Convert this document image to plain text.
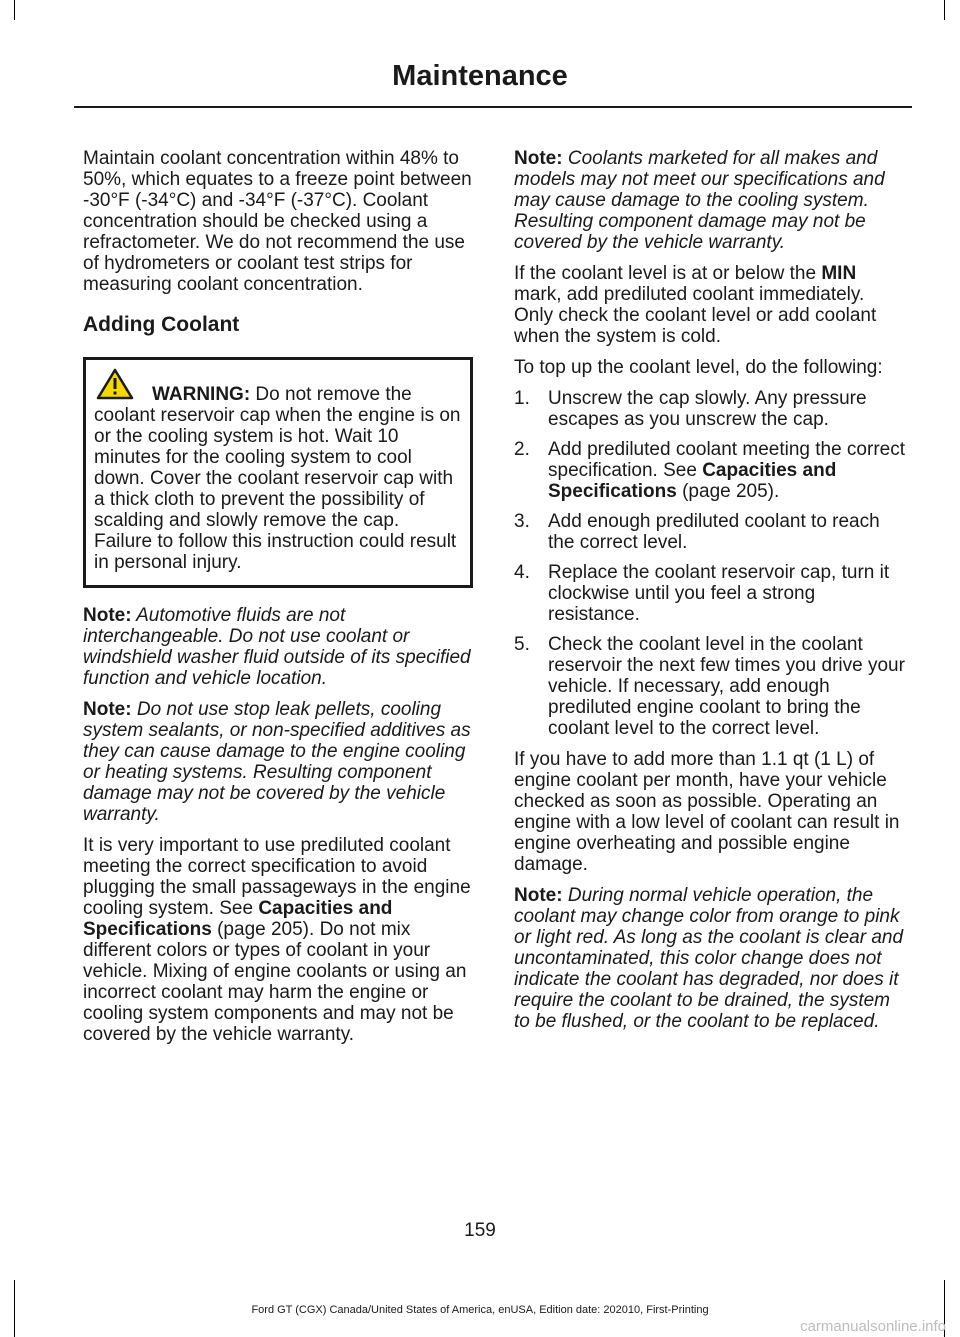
Maintenance

Maintain coolant concentration within 48% to 50%, which equates to a freeze point between -30°F (-34°C) and -34°F (-37°C). Coolant concentration should be checked using a refractometer. We do not recommend the use of hydrometers or coolant test strips for measuring coolant concentration.

Adding Coolant
WARNING: Do not remove the coolant reservoir cap when the engine is on or the cooling system is hot. Wait 10 minutes for the cooling system to cool down. Cover the coolant reservoir cap with a thick cloth to prevent the possibility of scalding and slowly remove the cap. Failure to follow this instruction could result in personal injury.

Note: Automotive fluids are not interchangeable. Do not use coolant or windshield washer fluid outside of its specified function and vehicle location.

Note: Do not use stop leak pellets, cooling system sealants, or non-specified additives as they can cause damage to the engine cooling or heating systems. Resulting component damage may not be covered by the vehicle warranty.

It is very important to use prediluted coolant meeting the correct specification to avoid plugging the small passageways in the engine cooling system. See Capacities and Specifications (page 205). Do not mix different colors or types of coolant in your vehicle. Mixing of engine coolants or using an incorrect coolant may harm the engine or cooling system components and may not be covered by the vehicle warranty.

Note: Coolants marketed for all makes and models may not meet our specifications and may cause damage to the cooling system. Resulting component damage may not be covered by the vehicle warranty.

If the coolant level is at or below the MIN mark, add prediluted coolant immediately. Only check the coolant level or add coolant when the system is cold.

To top up the coolant level, do the following:

1. Unscrew the cap slowly. Any pressure escapes as you unscrew the cap.
2. Add prediluted coolant meeting the correct specification. See Capacities and Specifications (page 205).
3. Add enough prediluted coolant to reach the correct level.
4. Replace the coolant reservoir cap, turn it clockwise until you feel a strong resistance.
5. Check the coolant level in the coolant reservoir the next few times you drive your vehicle. If necessary, add enough prediluted engine coolant to bring the coolant level to the correct level.

If you have to add more than 1.1 qt (1 L) of engine coolant per month, have your vehicle checked as soon as possible. Operating an engine with a low level of coolant can result in engine overheating and possible engine damage.

Note: During normal vehicle operation, the coolant may change color from orange to pink or light red. As long as the coolant is clear and uncontaminated, this color change does not indicate the coolant has degraded, nor does it require the coolant to be drained, the system to be flushed, or the coolant to be replaced.

159
Ford GT (CGX) Canada/United States of America, enUSA, Edition date: 202010, First-Printing
carmanualsonline.info
